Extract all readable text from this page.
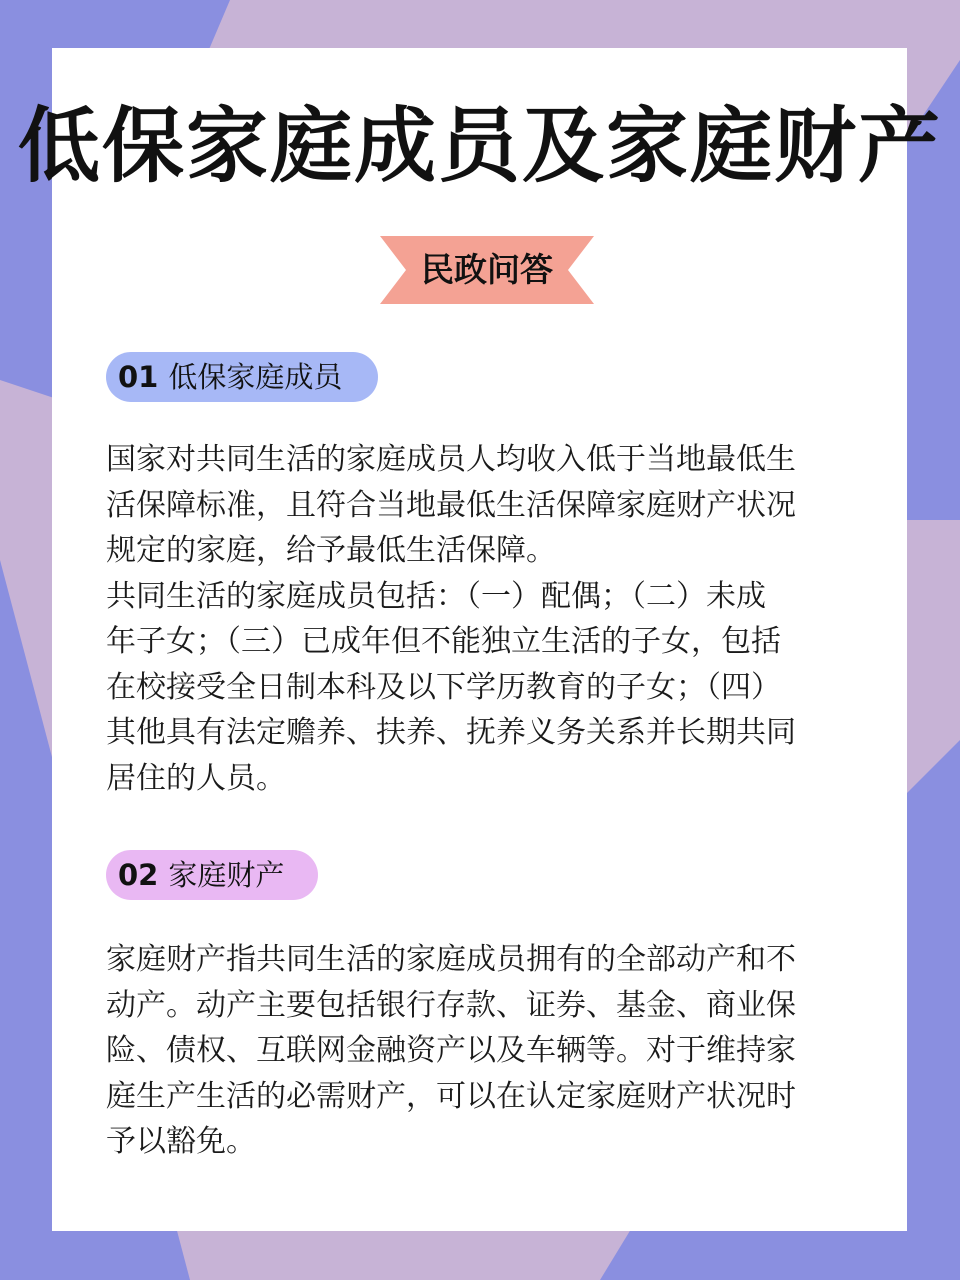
低保家庭成员及家庭财产
民政问答
01 低保家庭成员
国家对共同生活的家庭成员人均收入低于当地最低生
活保障标准，且符合当地最低生活保障家庭财产状况
规定的家庭，给予最低生活保障。
共同生活的家庭成员包括：（一）配偶；（二）未成
年子女；（三）已成年但不能独立生活的子女，包括
在校接受全日制本科及以下学历教育的子女；（四）
其他具有法定赡养、扶养、抚养义务关系并长期共同
居住的人员。
02 家庭财产
家庭财产指共同生活的家庭成员拥有的全部动产和不
动产。动产主要包括银行存款、证券、基金、商业保
险、债权、互联网金融资产以及车辆等。对于维持家
庭生产生活的必需财产，可以在认定家庭财产状况时
予以豁免。
